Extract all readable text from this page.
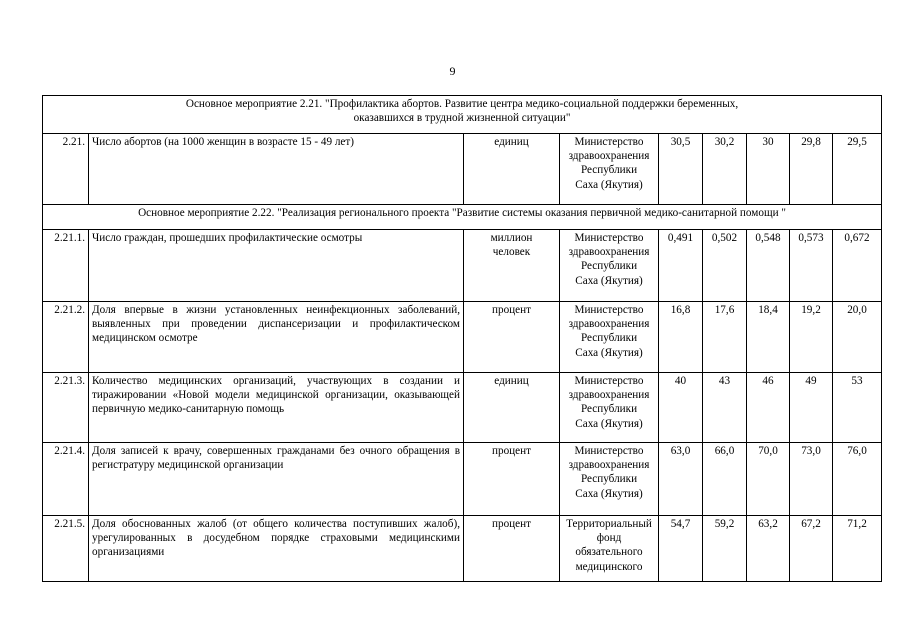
9
Основное мероприятие 2.21. "Профилактика абортов. Развитие центра медико-социальной поддержки беременных,
оказавшихся в трудной жизненной ситуации"								

2.21.	Число абортов (на 1000 женщин в возрасте 15 - 49 лет)	единиц	Министерство
здравоохранения
Республики
Саха (Якутия)	30,5	30,2	30	29,8	29,5

Основное мероприятие 2.22. "Реализация регионального проекта "Развитие системы оказания первичной медико-санитарной помощи "								

2.21.1.	Число граждан, прошедших профилактические осмотры	миллион
человек	Министерство
здравоохранения
Республики
Саха (Якутия)	0,491	0,502	0,548	0,573	0,672
2.21.2.	Доля впервые в жизни установленных неинфекционных заболеваний, выявленных при проведении диспансеризации и профилактическом медицинском осмотре	процент	Министерство
здравоохранения
Республики
Саха (Якутия)	16,8	17,6	18,4	19,2	20,0
2.21.3.	Количество медицинских организаций, участвующих в создании и тиражировании «Новой модели медицинской организации, оказывающей первичную медико-санитарную помощь	единиц	Министерство
здравоохранения
Республики
Саха (Якутия)	40	43	46	49	53
2.21.4.	Доля записей к врачу, совершенных гражданами без очного обращения в регистратуру медицинской организации	процент	Министерство
здравоохранения
Республики
Саха (Якутия)	63,0	66,0	70,0	73,0	76,0
2.21.5.	Доля обоснованных жалоб (от общего количества поступивших жалоб), урегулированных в досудебном порядке страховыми медицинскими организациями	процент	Территориальный
фонд
обязательного
медицинского	54,7	59,2	63,2	67,2	71,2
